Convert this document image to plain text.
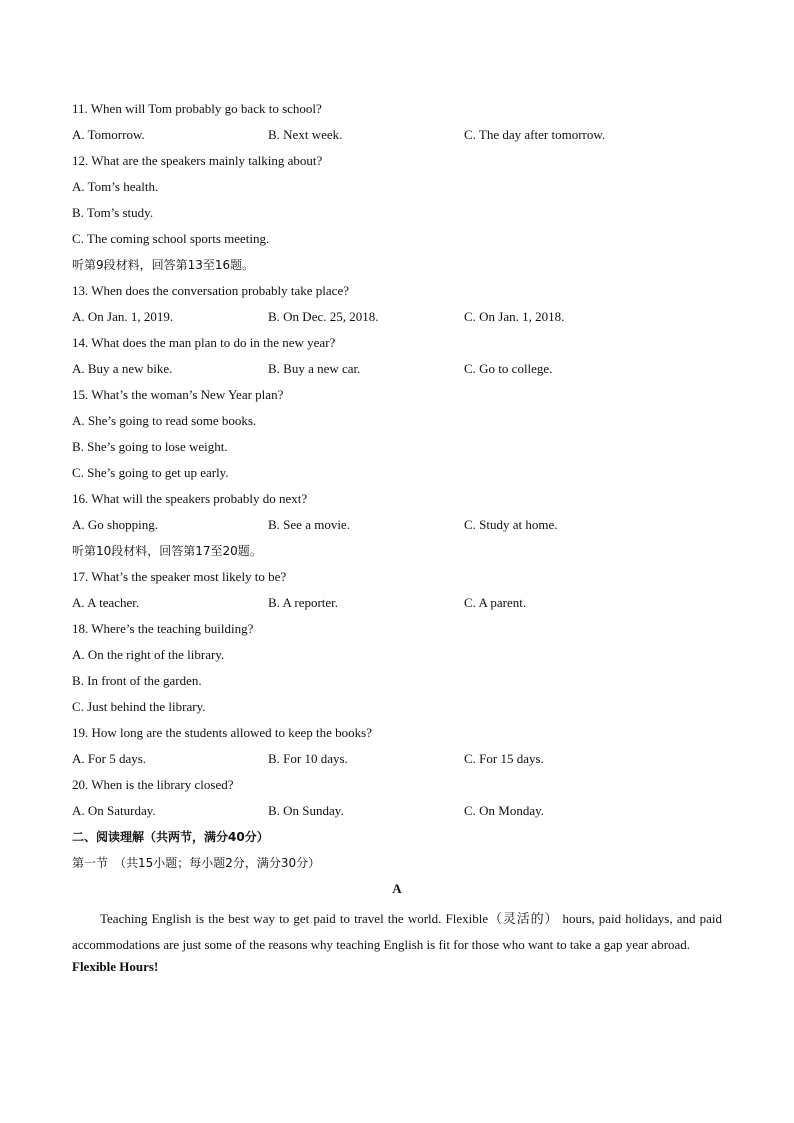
11. When will Tom probably go back to school?
A. Tomorrow.	B. Next week.	C. The day after tomorrow.
12. What are the speakers mainly talking about?
A. Tom’s health.
B. Tom’s study.
C. The coming school sports meeting.
听第9段材料，回答第13至16题。
13. When does the conversation probably take place?
A. On Jan. 1, 2019.	B. On Dec. 25, 2018.	C. On Jan. 1, 2018.
14. What does the man plan to do in the new year?
A. Buy a new bike.	B. Buy a new car.	C. Go to college.
15. What’s the woman’s New Year plan?
A. She’s going to read some books.
B. She’s going to lose weight.
C. She’s going to get up early.
16. What will the speakers probably do next?
A. Go shopping.	B. See a movie.	C. Study at home.
听第10段材料，回答第17至20题。
17. What’s the speaker most likely to be?
A. A teacher.	B. A reporter.	C. A parent.
18. Where’s the teaching building?
A. On the right of the library.
B. In front of the garden.
C. Just behind the library.
19. How long are the students allowed to keep the books?
A. For 5 days.	B. For 10 days.	C. For 15 days.
20. When is the library closed?
A. On Saturday.	B. On Sunday.	C. On Monday.
二、阅读理解（共两节，满分40分）
第一节　（共15小题；每小题2分，满分30分）
A
Teaching English is the best way to get paid to travel the world. Flexible（灵活的） hours, paid holidays, and paid accommodations are just some of the reasons why teaching English is fit for those who want to take a gap year abroad.
Flexible Hours!
